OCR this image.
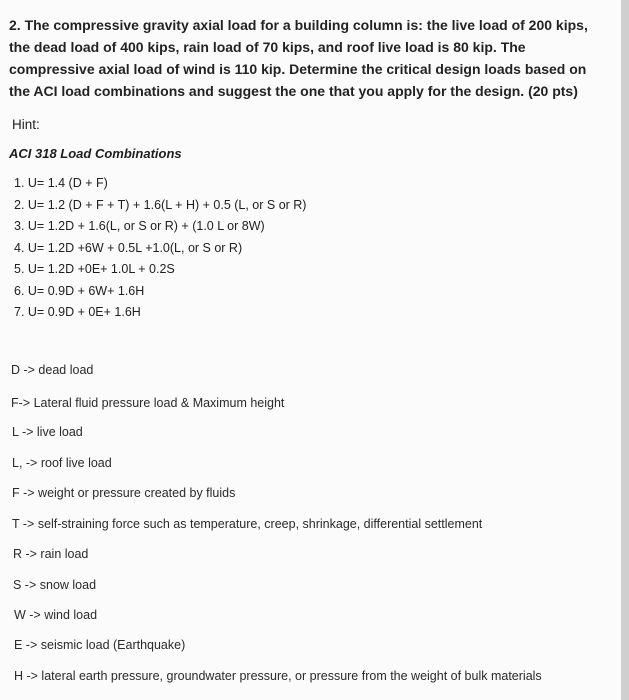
2. The compressive gravity axial load for a building column is: the live load of 200 kips, the dead load of 400 kips, rain load of 70 kips, and roof live load is 80 kip. The compressive axial load of wind is 110 kip. Determine the critical design loads based on the ACI load combinations and suggest the one that you apply for the design. (20 pts)

Hint:

ACI 318 Load Combinations

1. U= 1.4 (D + F)
2. U= 1.2 (D + F + T) + 1.6(L + H) + 0.5 (L, or S or R)
3. U= 1.2D + 1.6(L, or S or R) + (1.0 L or 8W)
4. U= 1.2D +6W + 0.5L +1.0(L, or S or R)
5. U= 1.2D +0E+ 1.0L + 0.2S
6. U= 0.9D + 6W+ 1.6H
7. U= 0.9D + 0E+ 1.6H
D -> dead load
F-> Lateral fluid pressure load & Maximum height
L -> live load
L, -> roof live load
F -> weight or pressure created by fluids
T -> self-straining force such as temperature, creep, shrinkage, differential settlement
R -> rain load
S -> snow load
W -> wind load
E -> seismic load (Earthquake)
H -> lateral earth pressure, groundwater pressure, or pressure from the weight of bulk materials
